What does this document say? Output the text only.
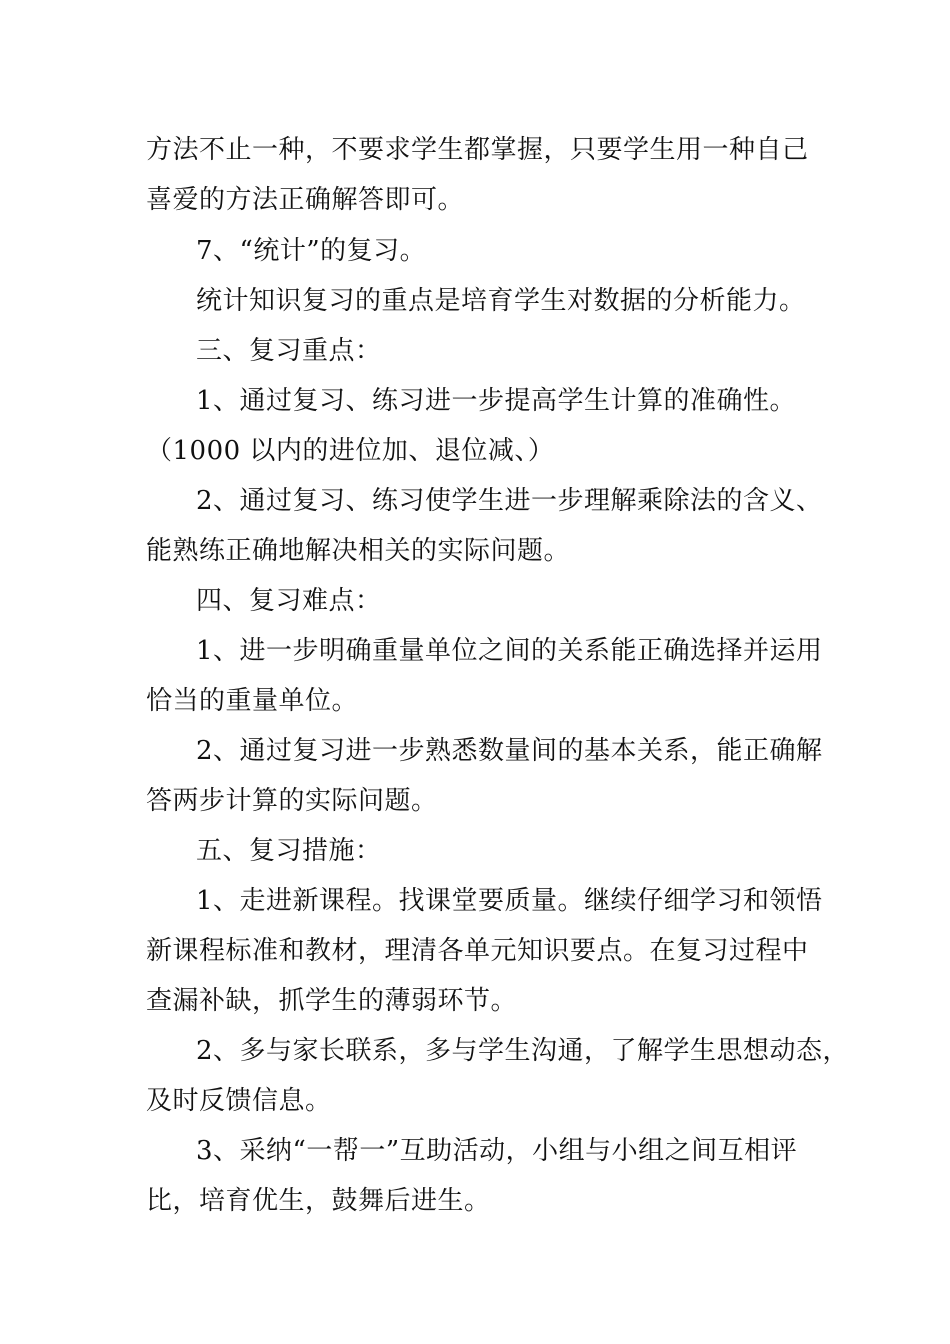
方法不止一种，不要求学生都掌握，只要学生用一种自己
喜爱的方法正确解答即可。
7、“统计”的复习。
统计知识复习的重点是培育学生对数据的分析能力。
三、复习重点：
1、通过复习、练习进一步提高学生计算的准确性。
（1000 以内的进位加、退位减、）
2、通过复习、练习使学生进一步理解乘除法的含义、
能熟练正确地解决相关的实际问题。
四、复习难点：
1、进一步明确重量单位之间的关系能正确选择并运用
恰当的重量单位。
2、通过复习进一步熟悉数量间的基本关系，能正确解
答两步计算的实际问题。
五、复习措施：
1、走进新课程。找课堂要质量。继续仔细学习和领悟
新课程标准和教材，理清各单元知识要点。在复习过程中
查漏补缺，抓学生的薄弱环节。
2、多与家长联系，多与学生沟通，了解学生思想动态，
及时反馈信息。
3、采纳“一帮一”互助活动，小组与小组之间互相评
比，培育优生，鼓舞后进生。
